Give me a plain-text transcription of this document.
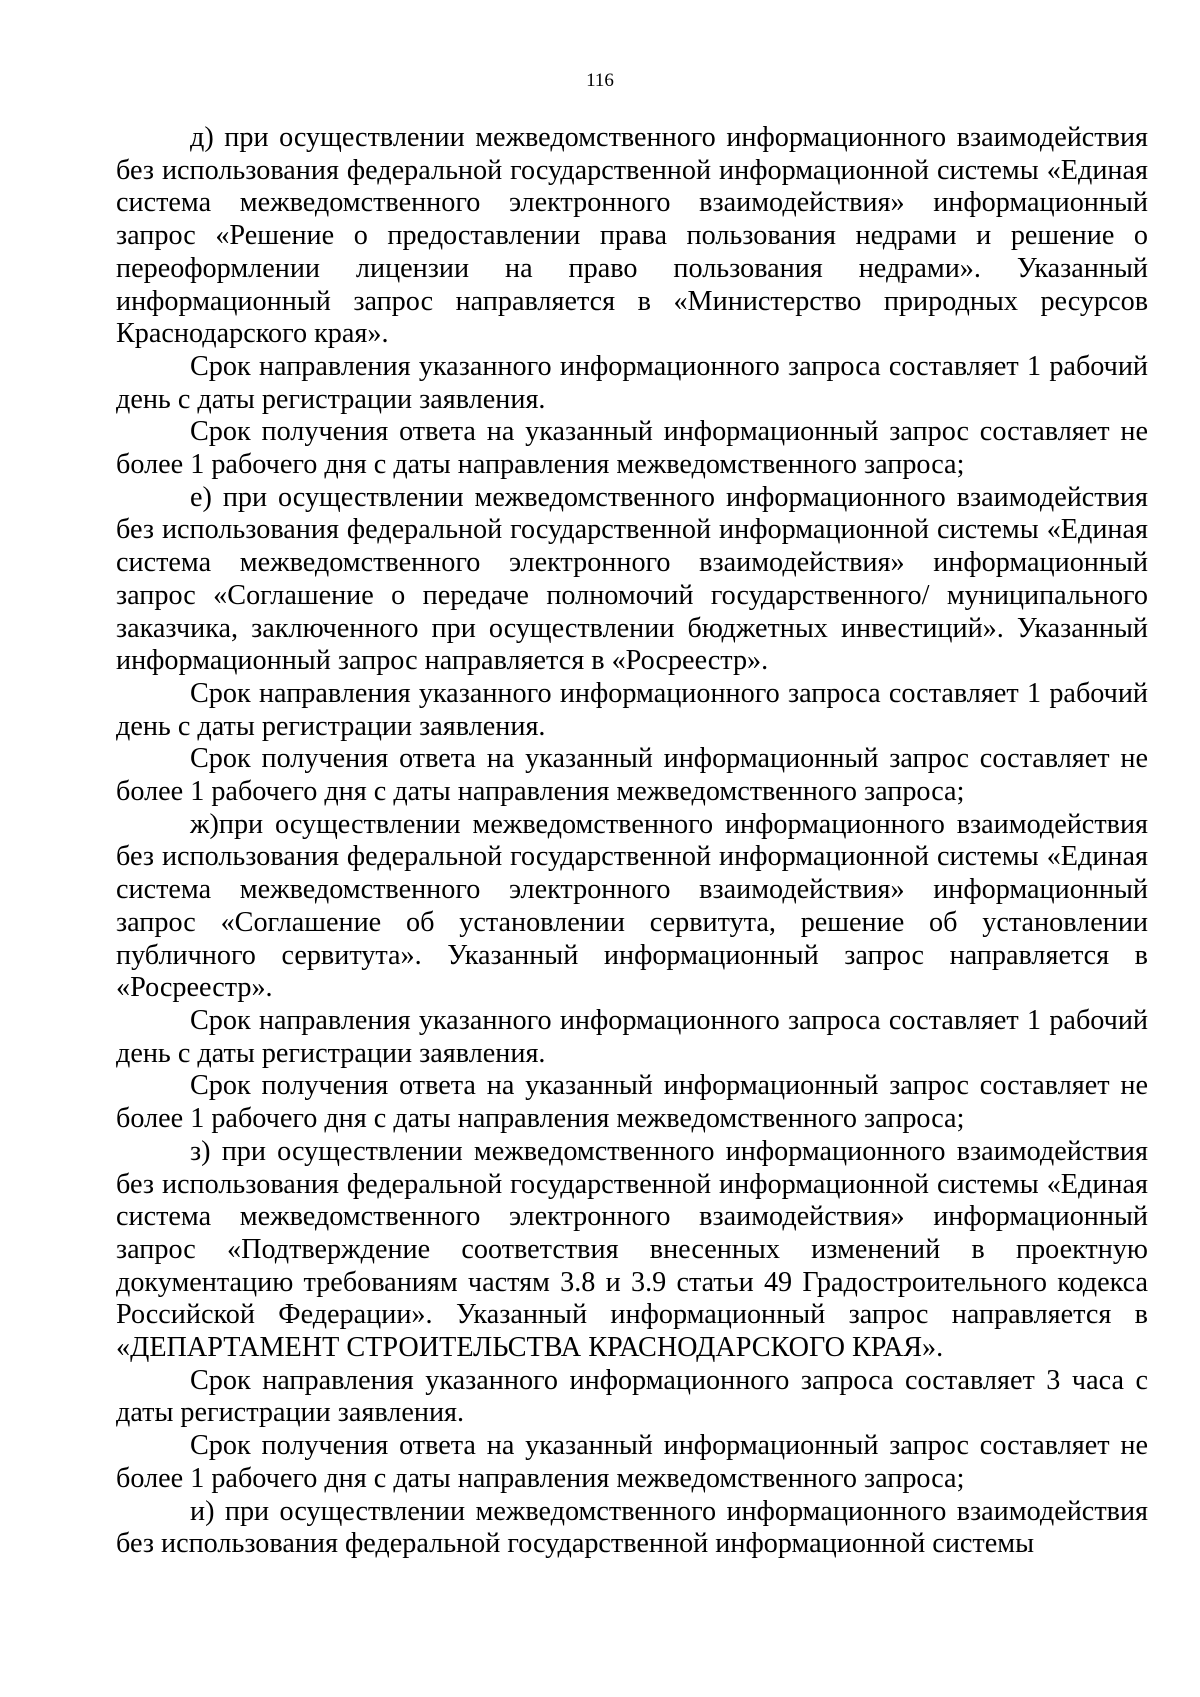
116

д) при осуществлении межведомственного информационного взаимодействия без использования федеральной государственной информационной системы «Единая система межведомственного электронного взаимодействия» информационный запрос «Решение о предоставлении права пользования недрами и решение о переоформлении лицензии на право пользования недрами». Указанный информационный запрос направляется в «Министерство природных ресурсов Краснодарского края».

Срок направления указанного информационного запроса составляет 1 рабочий день с даты регистрации заявления.

Срок получения ответа на указанный информационный запрос составляет не более 1 рабочего дня с даты направления межведомственного запроса;

е) при осуществлении межведомственного информационного взаимодействия без использования федеральной государственной информационной системы «Единая система межведомственного электронного взаимодействия» информационный запрос «Соглашение о передаче полномочий государственного/ муниципального заказчика, заключенного при осуществлении бюджетных инвестиций». Указанный информационный запрос направляется в «Росреестр».

Срок направления указанного информационного запроса составляет 1 рабочий день с даты регистрации заявления.

Срок получения ответа на указанный информационный запрос составляет не более 1 рабочего дня с даты направления межведомственного запроса;

ж)при осуществлении межведомственного информационного взаимодействия без использования федеральной государственной информационной системы «Единая система межведомственного электронного взаимодействия» информационный запрос «Соглашение об установлении сервитута, решение об установлении публичного сервитута». Указанный информационный запрос направляется в «Росреестр».

Срок направления указанного информационного запроса составляет 1 рабочий день с даты регистрации заявления.

Срок получения ответа на указанный информационный запрос составляет не более 1 рабочего дня с даты направления межведомственного запроса;

з) при осуществлении межведомственного информационного взаимодействия без использования федеральной государственной информационной системы «Единая система межведомственного электронного взаимодействия» информационный запрос «Подтверждение соответствия внесенных изменений в проектную документацию требованиям частям 3.8 и 3.9 статьи 49 Градостроительного кодекса Российской Федерации». Указанный информационный запрос направляется в «ДЕПАРТАМЕНТ СТРОИТЕЛЬСТВА КРАСНОДАРСКОГО КРАЯ».

Срок направления указанного информационного запроса составляет 3 часа с даты регистрации заявления.

Срок получения ответа на указанный информационный запрос составляет не более 1 рабочего дня с даты направления межведомственного запроса;

и) при осуществлении межведомственного информационного взаимодействия без использования федеральной государственной информационной системы
